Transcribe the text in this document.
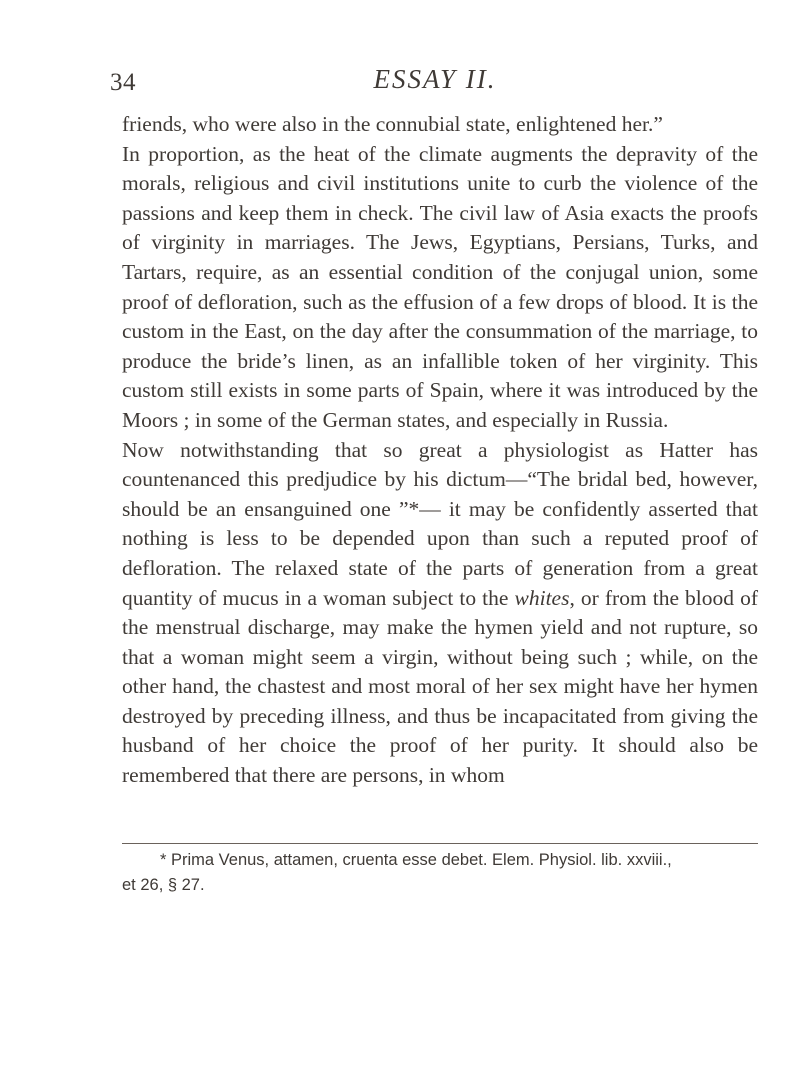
34	ESSAY II.

friends, who were also in the connubial state, enlightened her.”

In proportion, as the heat of the climate augments the depravity of the morals, religious and civil institutions unite to curb the violence of the passions and keep them in check. The civil law of Asia exacts the proofs of virginity in marriages. The Jews, Egyptians, Persians, Turks, and Tartars, require, as an essential condition of the conjugal union, some proof of defloration, such as the effusion of a few drops of blood. It is the custom in the East, on the day after the consummation of the marriage, to produce the bride’s linen, as an infallible token of her virginity. This custom still exists in some parts of Spain, where it was introduced by the Moors ; in some of the German states, and especially in Russia.

Now notwithstanding that so great a physiologist as Hatter has countenanced this predjudice by his dictum—“The bridal bed, however, should be an ensanguined one ”*— it may be confidently asserted that nothing is less to be depended upon than such a reputed proof of defloration. The relaxed state of the parts of generation from a great quantity of mucus in a woman subject to the whites, or from the blood of the menstrual discharge, may make the hymen yield and not rupture, so that a woman might seem a virgin, without being such ; while, on the other hand, the chastest and most moral of her sex might have her hymen destroyed by preceding illness, and thus be incapacitated from giving the husband of her choice the proof of her purity. It should also be remembered that there are persons, in whom

* Prima Venus, attamen, cruenta esse debet. Elem. Physiol. lib. xxviii.,
et 26, § 27.
